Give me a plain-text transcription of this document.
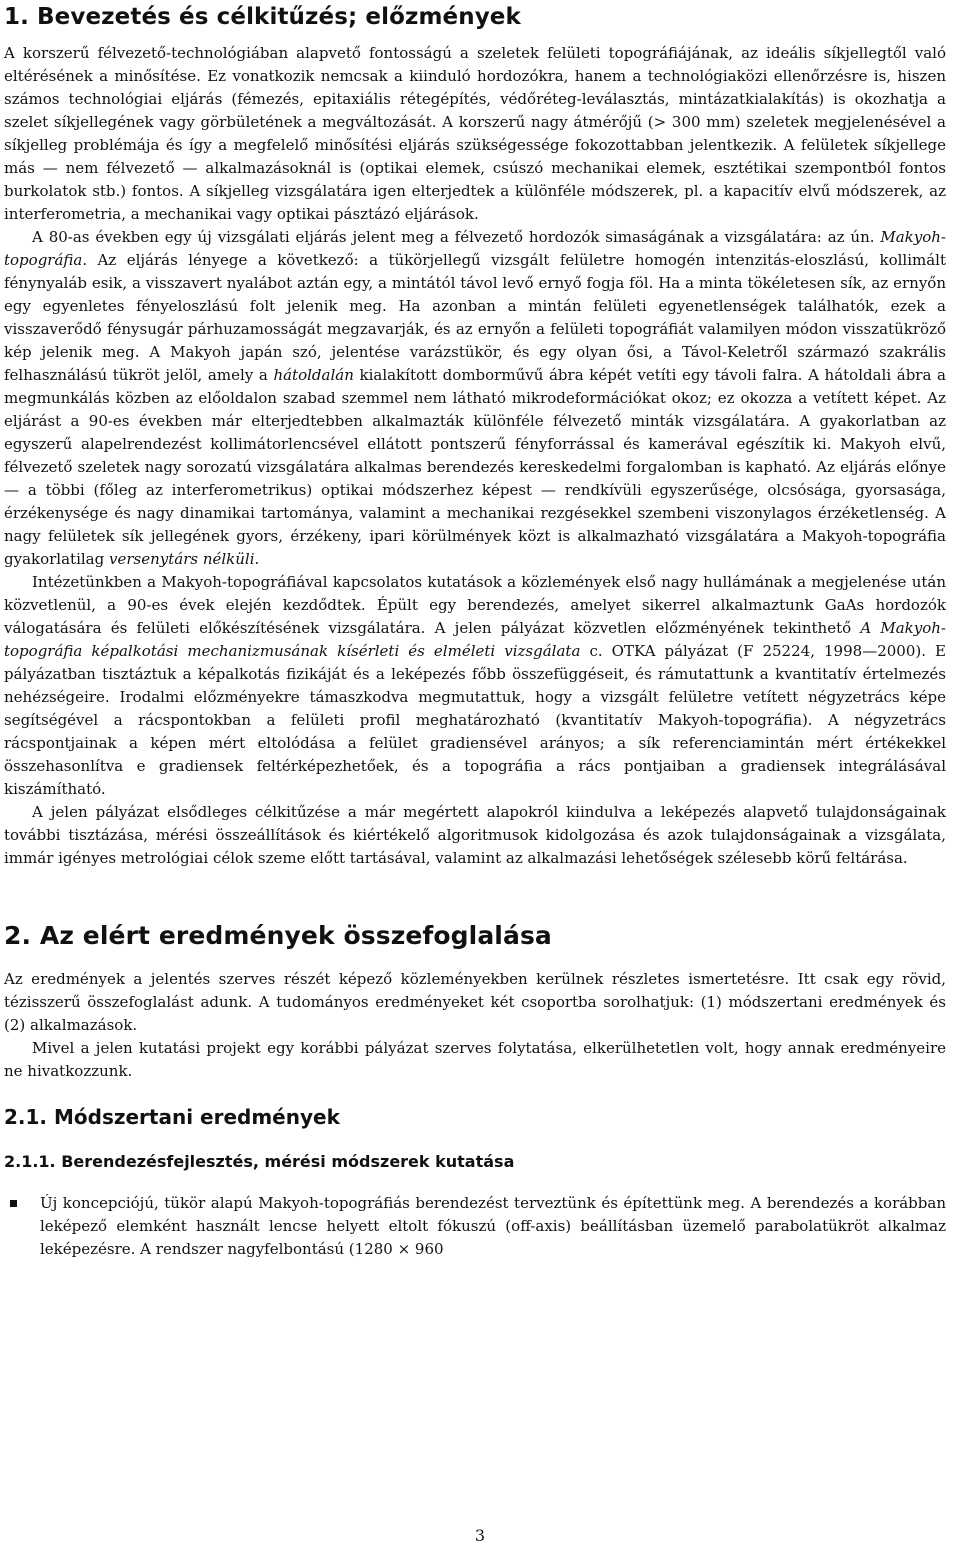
1. Bevezetés és célkitűzés; előzmények

A korszerű félvezető-technológiában alapvető fontosságú a szeletek felületi topográfiájának, az ideális síkjellegtől való eltérésének a minősítése. Ez vonatkozik nemcsak a kiinduló hordozókra, hanem a technológiaközi ellenőrzésre is, hiszen számos technológiai eljárás (fémezés, epitaxiális rétegépítés, védőréteg-leválasztás, mintázatkialakítás) is okozhatja a szelet síkjellegének vagy görbületének a megváltozását. A korszerű nagy átmérőjű (> 300 mm) szeletek megjelenésével a síkjelleg problémája és így a megfelelő minősítési eljárás szükségessége fokozottabban jelentkezik. A felületek síkjellege más — nem félvezető — alkalmazásoknál is (optikai elemek, csúszó mechanikai elemek, esztétikai szempontból fontos burkolatok stb.) fontos. A síkjelleg vizsgálatára igen elterjedtek a különféle módszerek, pl. a kapacitív elvű módszerek, az interferometria, a mechanikai vagy optikai pásztázó eljárások.

A 80-as években egy új vizsgálati eljárás jelent meg a félvezető hordozók simaságának a vizsgálatára: az ún. Makyoh-topográfia. Az eljárás lényege a következő: a tükörjellegű vizsgált felületre homogén intenzitás-eloszlású, kollimált fénynyaláb esik, a visszavert nyalábot aztán egy, a mintától távol levő ernyő fogja föl. Ha a minta tökéletesen sík, az ernyőn egy egyenletes fényeloszlású folt jelenik meg. Ha azonban a mintán felületi egyenetlenségek találhatók, ezek a visszaverődő fénysugár párhuzamosságát megzavarják, és az ernyőn a felületi topográfiát valamilyen módon visszatükröző kép jelenik meg. A Makyoh japán szó, jelentése varázstükör, és egy olyan ősi, a Távol-Keletről származó szakrális felhasználású tükröt jelöl, amely a hátoldalán kialakított domborművű ábra képét vetíti egy távoli falra. A hátoldali ábra a megmunkálás közben az előoldalon szabad szemmel nem látható mikrodeformációkat okoz; ez okozza a vetített képet. Az eljárást a 90-es években már elterjedtebben alkalmazták különféle félvezető minták vizsgálatára. A gyakorlatban az egyszerű alapelrendezést kollimátorlencsével ellátott pontszerű fényforrással és kamerával egészítik ki. Makyoh elvű, félvezető szeletek nagy sorozatú vizsgálatára alkalmas berendezés kereskedelmi forgalomban is kapható. Az eljárás előnye — a többi (főleg az interferometrikus) optikai módszerhez képest — rendkívüli egyszerűsége, olcsósága, gyorsasága, érzékenysége és nagy dinamikai tartománya, valamint a mechanikai rezgésekkel szembeni viszonylagos érzéketlenség. A nagy felületek sík jellegének gyors, érzékeny, ipari körülmények közt is alkalmazható vizsgálatára a Makyoh-topográfia gyakorlatilag versenytárs nélküli.

Intézetünkben a Makyoh-topográfiával kapcsolatos kutatások a közlemények első nagy hullámának a megjelenése után közvetlenül, a 90-es évek elején kezdődtek. Épült egy berendezés, amelyet sikerrel alkalmaztunk GaAs hordozók válogatására és felületi előkészítésének vizsgálatára. A jelen pályázat közvetlen előzményének tekinthető A Makyoh-topográfia képalkotási mechanizmusának kísérleti és elméleti vizsgálata c. OTKA pályázat (F 25224, 1998—2000). E pályázatban tisztáztuk a képalkotás fizikáját és a leképezés főbb összefüggéseit, és rámutattunk a kvantitatív értelmezés nehézségeire. Irodalmi előzményekre támaszkodva megmutattuk, hogy a vizsgált felületre vetített négyzetrács képe segítségével a rácspontokban a felületi profil meghatározható (kvantitatív Makyoh-topográfia). A négyzetrács rácspontjainak a képen mért eltolódása a felület gradiensével arányos; a sík referenciamintán mért értékekkel összehasonlítva e gradiensek feltérképezhetőek, és a topográfia a rács pontjaiban a gradiensek integrálásával kiszámítható.

A jelen pályázat elsődleges célkitűzése a már megértett alapokról kiindulva a leképezés alapvető tulajdonságainak további tisztázása, mérési összeállítások és kiértékelő algoritmusok kidolgozása és azok tulajdonságainak a vizsgálata, immár igényes metrológiai célok szeme előtt tartásával, valamint az alkalmazási lehetőségek szélesebb körű feltárása.

2. Az elért eredmények összefoglalása

Az eredmények a jelentés szerves részét képező közleményekben kerülnek részletes ismertetésre. Itt csak egy rövid, tézisszerű összefoglalást adunk. A tudományos eredményeket két csoportba sorolhatjuk: (1) módszertani eredmények és (2) alkalmazások.

Mivel a jelen kutatási projekt egy korábbi pályázat szerves folytatása, elkerülhetetlen volt, hogy annak eredményeire ne hivatkozzunk.

2.1. Módszertani eredmények
2.1.1. Berendezésfejlesztés, mérési módszerek kutatása
Új koncepciójú, tükör alapú Makyoh-topográfiás berendezést terveztünk és építettünk meg. A berendezés a korábban leképező elemként használt lencse helyett eltolt fókuszú (off-axis) beállításban üzemelő parabolatükröt alkalmaz leképezésre. A rendszer nagyfelbontású (1280 × 960
3
